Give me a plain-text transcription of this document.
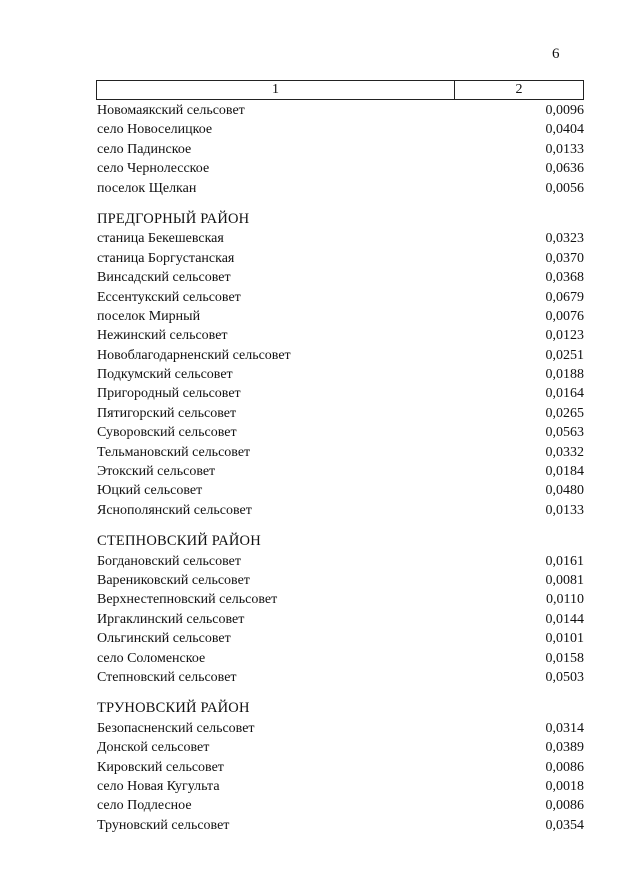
6
1	2
Новомаякский сельсовет	0,0096
село Новоселицкое	0,0404
село Падинское	0,0133
село Чернолесское	0,0636
поселок Щелкан	0,0056
ПРЕДГОРНЫЙ РАЙОН
станица Бекешевская	0,0323
станица Боргустанская	0,0370
Винсадский сельсовет	0,0368
Ессентукский сельсовет	0,0679
поселок Мирный	0,0076
Нежинский сельсовет	0,0123
Новоблагодарненский сельсовет	0,0251
Подкумский сельсовет	0,0188
Пригородный сельсовет	0,0164
Пятигорский сельсовет	0,0265
Суворовский сельсовет	0,0563
Тельмановский сельсовет	0,0332
Этокский сельсовет	0,0184
Юцкий сельсовет	0,0480
Яснополянский сельсовет	0,0133
СТЕПНОВСКИЙ РАЙОН
Богдановский сельсовет	0,0161
Варениковский сельсовет	0,0081
Верхнестепновский сельсовет	0,0110
Иргаклинский сельсовет	0,0144
Ольгинский сельсовет	0,0101
село Соломенское	0,0158
Степновский сельсовет	0,0503
ТРУНОВСКИЙ РАЙОН
Безопасненский сельсовет	0,0314
Донской сельсовет	0,0389
Кировский сельсовет	0,0086
село Новая Кугульта	0,0018
село Подлесное	0,0086
Труновский сельсовет	0,0354
